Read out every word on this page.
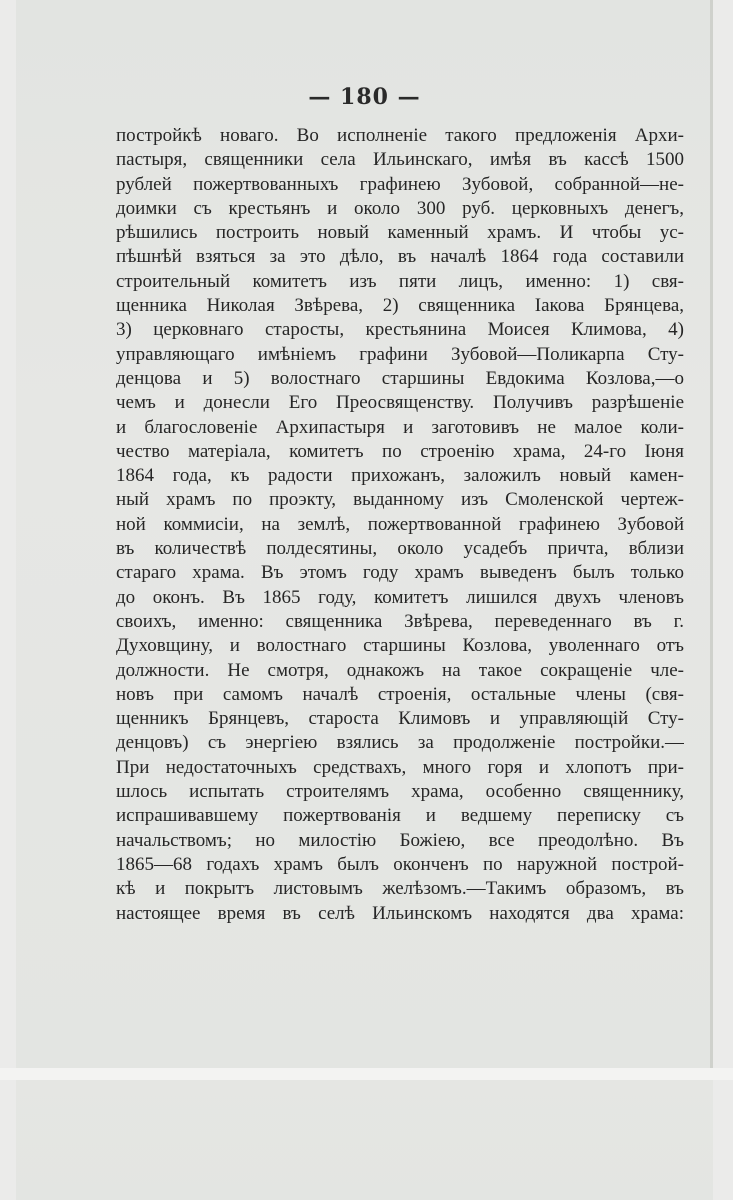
— 180 —
постройкѣ новаго. Во исполненіе такого предложенія Архи-
пастыря, священники села Ильинскаго, имѣя въ кассѣ 1500
рублей пожертвованныхъ графинею Зубовой, собранной—не-
доимки съ крестьянъ и около 300 руб. церковныхъ денегъ,
рѣшились построить новый каменный храмъ. И чтобы ус-
пѣшнѣй взяться за это дѣло, въ началѣ 1864 года составили
строительный комитетъ изъ пяти лицъ, именно: 1) свя-
щенника Николая Звѣрева, 2) священника Іакова Брянцева,
3) церковнаго старосты, крестьянина Моисея Климова, 4)
управляющаго имѣніемъ графини Зубовой—Поликарпа Сту-
денцова и 5) волостнаго старшины Евдокима Козлова,—о
чемъ и донесли Его Преосвященству. Получивъ разрѣшеніе
и благословеніе Архипастыря и заготовивъ не малое коли-
чество матеріала, комитетъ по строенію храма, 24-го Іюня
1864 года, къ радости прихожанъ, заложилъ новый камен-
ный храмъ по проэкту, выданному изъ Смоленской чертеж-
ной коммисіи, на землѣ, пожертвованной графинею Зубовой
въ количествѣ полдесятины, около усадебъ причта, вблизи
стараго храма. Въ этомъ году храмъ выведенъ былъ только
до оконъ. Въ 1865 году, комитетъ лишился двухъ членовъ
своихъ, именно: священника Звѣрева, переведеннаго въ г.
Духовщину, и волостнаго старшины Козлова, уволеннаго отъ
должности. Не смотря, однакожъ на такое сокращеніе чле-
новъ при самомъ началѣ строенія, остальные члены (свя-
щенникъ Брянцевъ, староста Климовъ и управляющій Сту-
денцовъ) съ энергіею взялись за продолженіе постройки.—
При недостаточныхъ средствахъ, много горя и хлопотъ при-
шлось испытать строителямъ храма, особенно священнику,
испрашивавшему пожертвованія и ведшему переписку съ
начальствомъ; но милостію Божіею, все преодолѣно. Въ
1865—68 годахъ храмъ былъ оконченъ по наружной построй-
кѣ и покрытъ листовымъ желѣзомъ.—Такимъ образомъ, въ
настоящее время въ селѣ Ильинскомъ находятся два храма:
